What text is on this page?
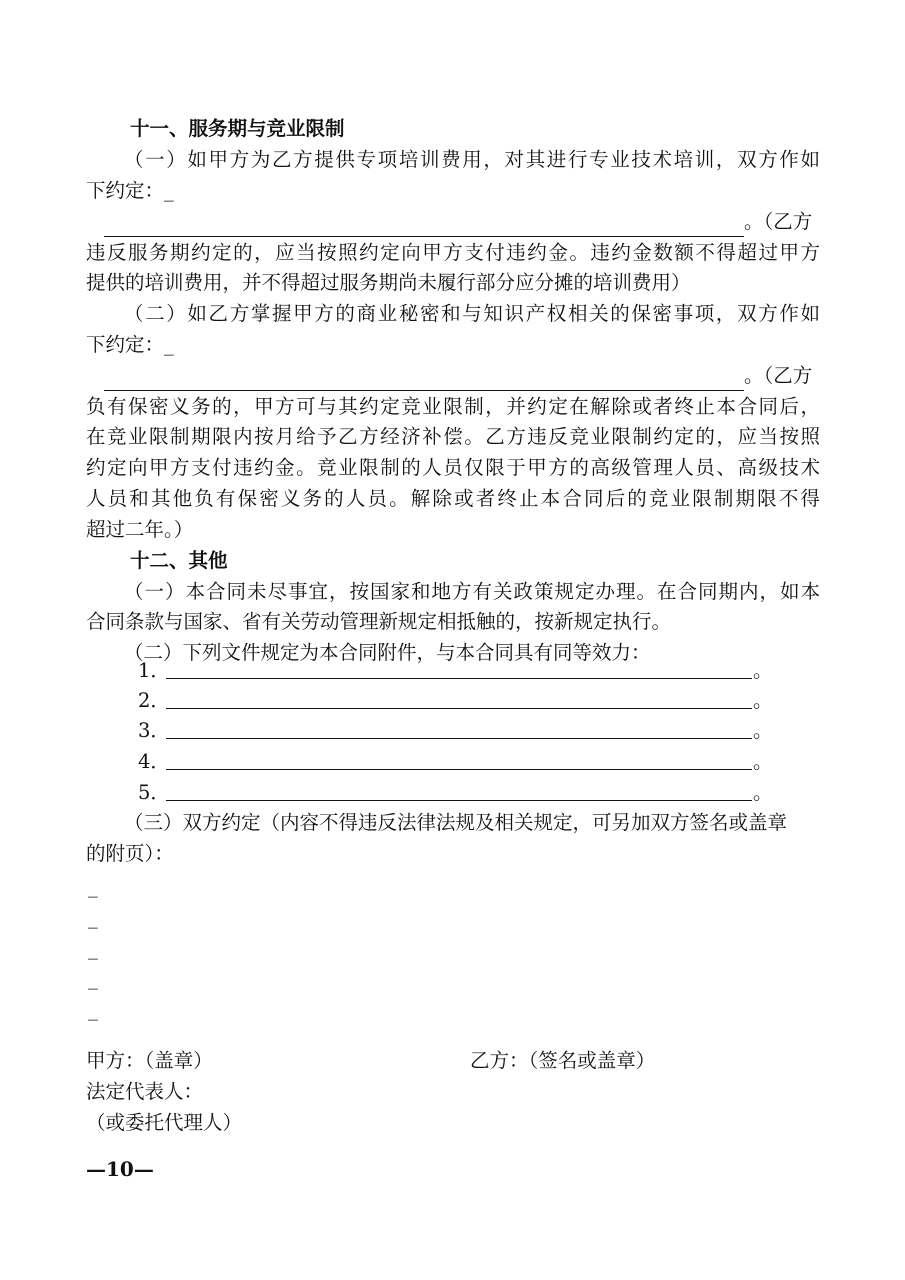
十一、服务期与竞业限制
（一）如甲方为乙方提供专项培训费用，对其进行专业技术培训，双方作如
下约定：_
。（乙方
违反服务期约定的，应当按照约定向甲方支付违约金。违约金数额不得超过甲方
提供的培训费用，并不得超过服务期尚未履行部分应分摊的培训费用）
（二）如乙方掌握甲方的商业秘密和与知识产权相关的保密事项，双方作如
下约定：_
。（乙方
负有保密义务的，甲方可与其约定竞业限制，并约定在解除或者终止本合同后，
在竞业限制期限内按月给予乙方经济补偿。乙方违反竞业限制约定的，应当按照
约定向甲方支付违约金。竞业限制的人员仅限于甲方的高级管理人员、高级技术
人员和其他负有保密义务的人员。解除或者终止本合同后的竞业限制期限不得
超过二年。）
十二、其他
（一）本合同未尽事宜，按国家和地方有关政策规定办理。在合同期内，如本
合同条款与国家、省有关劳动管理新规定相抵触的，按新规定执行。
（二）下列文件规定为本合同附件，与本合同具有同等效力：
1．	。
2．	。
3．	。
4．	。
5．	。
（三）双方约定（内容不得违反法律法规及相关规定，可另加双方签名或盖章
的附页）：
_
_
_
_
_
甲方：（盖章）	乙方：（签名或盖章）
法定代表人：
（或委托代理人）
—10—
